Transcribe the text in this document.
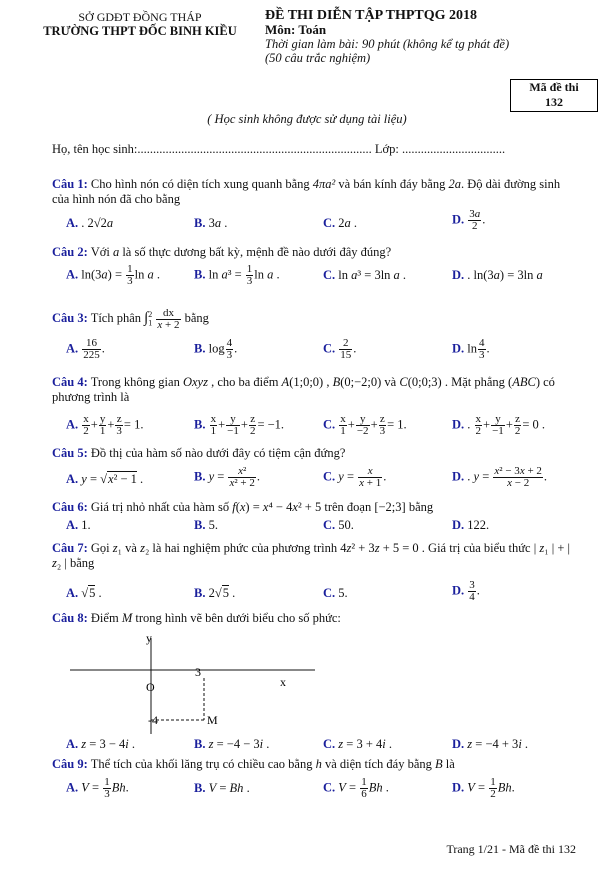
SỞ GDĐT ĐỒNG THÁP
TRƯỜNG THPT ĐỐC BINH KIỀU
ĐỀ THI DIỄN TẬP THPTQG 2018
Môn: Toán
Thời gian làm bài: 90 phút (không kể tg phát đề)
(50 câu trắc nghiệm)
Mã đề thi
132
( Học sinh không được sử dụng tài liệu)
Họ, tên học sinh:........................................................................... Lớp: .................................
Câu 1: Cho hình nón có diện tích xung quanh bằng 4πa² và bán kính đáy bằng 2a. Độ dài đường sinh của hình nón đã cho bằng
A. . 2√2a	B. 3a .	C. 2a .	D. $\frac{3a}{2}$ .
Câu 2: Với a là số thực dương bất kỳ, mệnh đề nào dưới đây đúng?
A. $\ln(3a) = \frac{1}{3}$ ln a .	B. $\ln a^3 = \frac{1}{3}$ ln a .	C. ln a³ = 3ln a .	D. . ln(3a) = 3ln a
Câu 3: Tích phân $\int_1^2 \frac{dx}{x + 2}$ bằng
A. $\frac{16}{225}$ .	B. $\log \frac{4}{3}$ .	C. $\frac{2}{15}$ .	D. $\ln \frac{4}{3}$ .
Câu 4: Trong không gian Oxyz , cho ba điểm A(1;0;0) , B(0;−2;0) và C(0;0;3) . Mặt phẳng (ABC) có phương trình là
A. $\frac{x}{2} + \frac{y}{1} + \frac{z}{3} = 1$.	B. $\frac{x}{1} + \frac{y}{-1} + \frac{z}{2} = -1$.	C. $\frac{x}{1} + \frac{y}{-2} + \frac{z}{3} = 1$.	D. . $\frac{x}{2} + \frac{y}{-1} + \frac{z}{2} = 0$ .
Câu 5: Đồ thị của hàm số nào dưới đây có tiệm cận đứng?
A. y = √x² − 1 .	B. $y = \frac{\text{x²}}{\text{x² + 2}}$ .	C. $y = \frac{x}{x + 1}$ .	D. . $y = \frac{\text{x² − 3x + 2}}{x - 2}$ .
Câu 6: Giá trị nhỏ nhất của hàm số f(x) = x⁴ − 4x² + 5 trên đoạn [−2;3] bằng
A. 1.	B. 5.	C. 50.	D. 122.
Câu 7: Gọi z₁ và z₂ là hai nghiệm phức của phương trình 4z² + 3z + 5 = 0 . Giá trị của biểu thức | z₁ | + | z₂ | bằng
A. √5 .	B. 2√5 .	C. 5.	D. $\frac{3}{4}$ .
Câu 8: Điểm M trong hình vẽ bên dưới biểu cho số phức:
y
x
O
3
-4	M
A. z = 3 − 4i .	B. z = −4 − 3i .	C. z = 3 + 4i .	D. z = −4 + 3i .
Câu 9: Thể tích của khối lăng trụ có chiều cao bằng h và diện tích đáy bằng B là
A. $V = \frac{1}{3} Bh$.	B. V = Bh .	C. $V = \frac{1}{6}$ Bh .	D. $V = \frac{1}{2} Bh$.
Trang 1/21 - Mã đề thi 132
